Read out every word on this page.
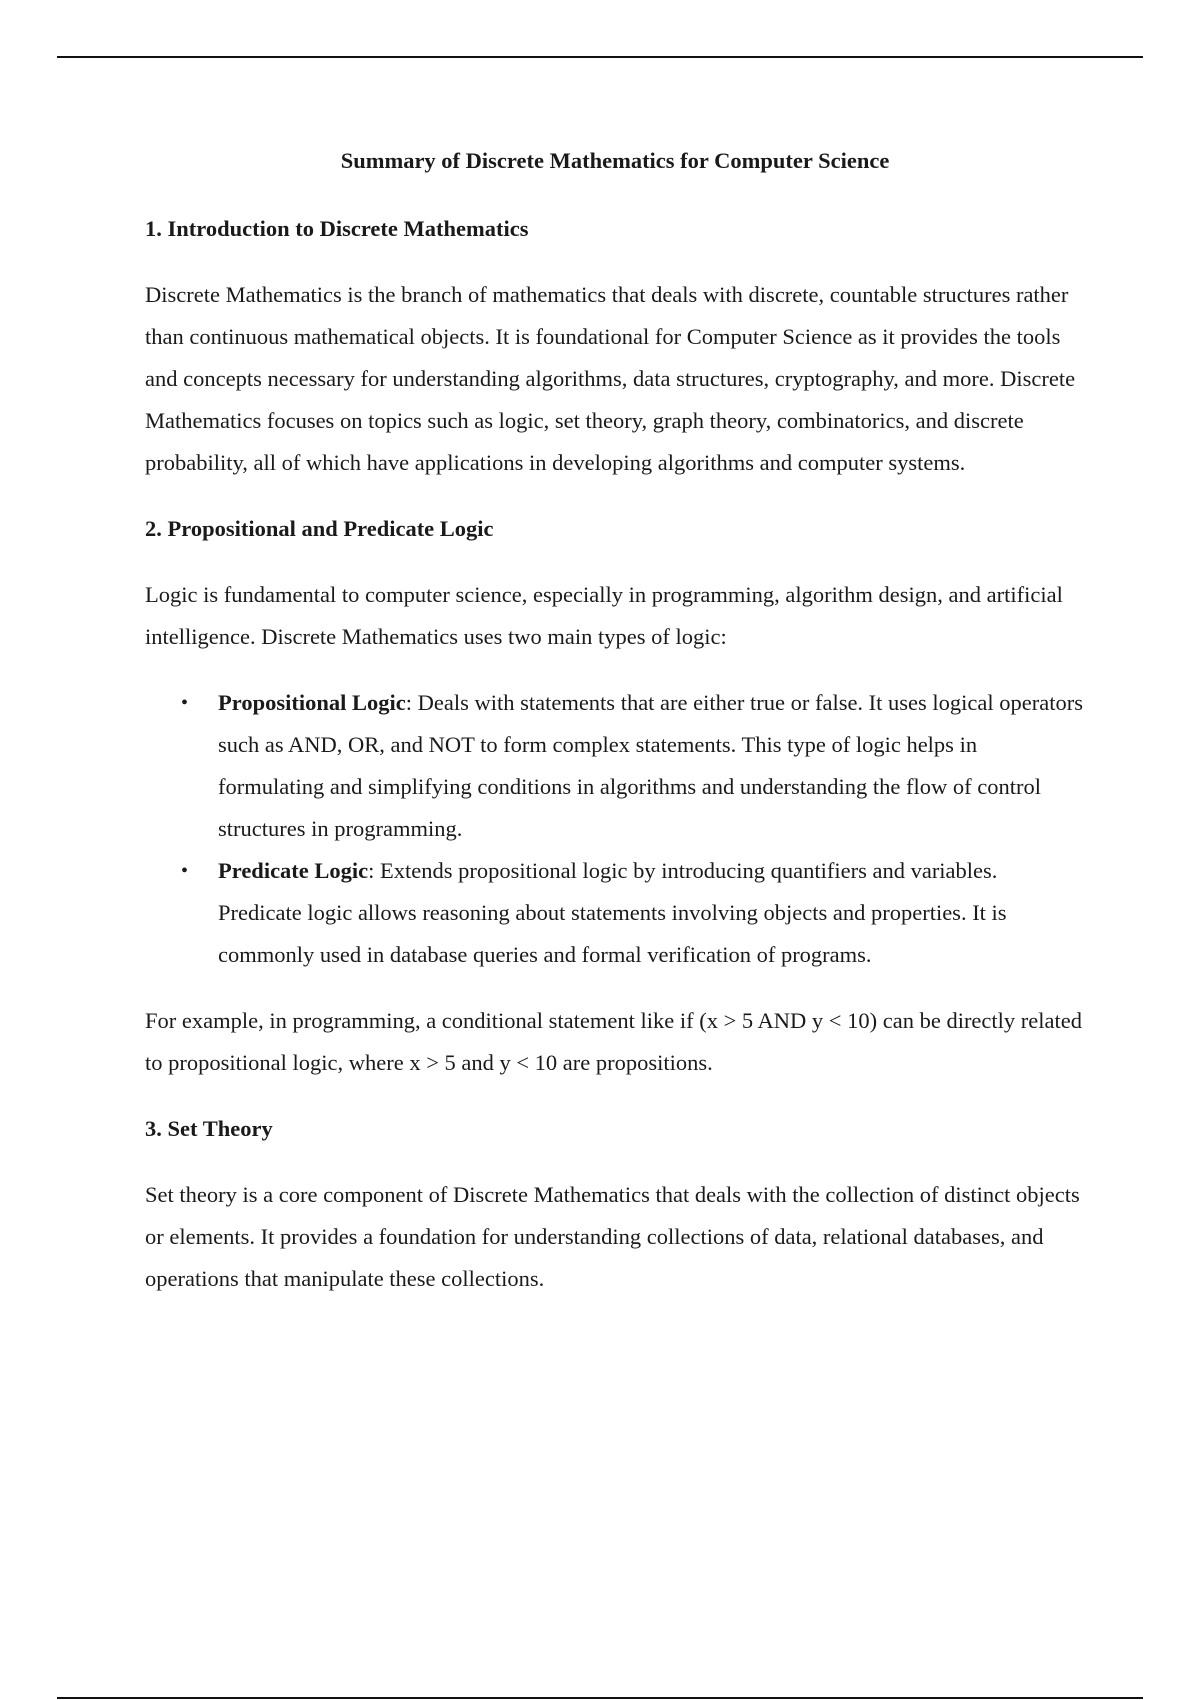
Summary of Discrete Mathematics for Computer Science
1. Introduction to Discrete Mathematics

Discrete Mathematics is the branch of mathematics that deals with discrete, countable structures rather than continuous mathematical objects. It is foundational for Computer Science as it provides the tools and concepts necessary for understanding algorithms, data structures, cryptography, and more. Discrete Mathematics focuses on topics such as logic, set theory, graph theory, combinatorics, and discrete probability, all of which have applications in developing algorithms and computer systems.

2. Propositional and Predicate Logic

Logic is fundamental to computer science, especially in programming, algorithm design, and artificial intelligence. Discrete Mathematics uses two main types of logic:

• Propositional Logic: Deals with statements that are either true or false. It uses logical operators such as AND, OR, and NOT to form complex statements. This type of logic helps in formulating and simplifying conditions in algorithms and understanding the flow of control structures in programming.
• Predicate Logic: Extends propositional logic by introducing quantifiers and variables. Predicate logic allows reasoning about statements involving objects and properties. It is commonly used in database queries and formal verification of programs.

For example, in programming, a conditional statement like if (x > 5 AND y < 10) can be directly related to propositional logic, where x > 5 and y < 10 are propositions.

3. Set Theory

Set theory is a core component of Discrete Mathematics that deals with the collection of distinct objects or elements. It provides a foundation for understanding collections of data, relational databases, and operations that manipulate these collections.
